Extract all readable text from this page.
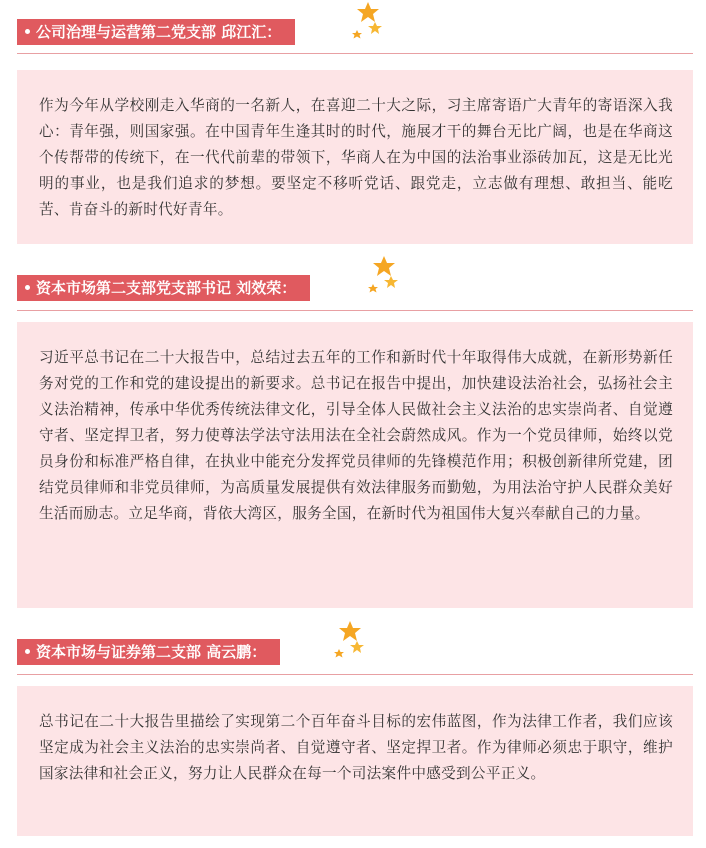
公司治理与运营第二党支部 邱江汇：
作为今年从学校刚走入华商的一名新人，在喜迎二十大之际，习主席寄语广大青年的寄语深入我心：青年强，则国家强。在中国青年生逢其时的时代，施展才干的舞台无比广阔，也是在华商这个传帮带的传统下，在一代代前辈的带领下，华商人在为中国的法治事业添砖加瓦，这是无比光明的事业，也是我们追求的梦想。要坚定不移听党话、跟党走，立志做有理想、敢担当、能吃苦、肯奋斗的新时代好青年。
资本市场第二支部党支部书记 刘效荣：
习近平总书记在二十大报告中，总结过去五年的工作和新时代十年取得伟大成就，在新形势新任务对党的工作和党的建设提出的新要求。总书记在报告中提出，加快建设法治社会，弘扬社会主义法治精神，传承中华优秀传统法律文化，引导全体人民做社会主义法治的忠实崇尚者、自觉遵守者、坚定捍卫者，努力使尊法学法守法用法在全社会蔚然成风。作为一个党员律师，始终以党员身份和标准严格自律，在执业中能充分发挥党员律师的先锋模范作用；积极创新律所党建，团结党员律师和非党员律师，为高质量发展提供有效法律服务而勤勉，为用法治守护人民群众美好生活而励志。立足华商，背依大湾区，服务全国，在新时代为祖国伟大复兴奉献自己的力量。
资本市场与证券第二支部 高云鹏：
总书记在二十大报告里描绘了实现第二个百年奋斗目标的宏伟蓝图，作为法律工作者，我们应该坚定成为社会主义法治的忠实崇尚者、自觉遵守者、坚定捍卫者。作为律师必须忠于职守，维护国家法律和社会正义，努力让人民群众在每一个司法案件中感受到公平正义。
